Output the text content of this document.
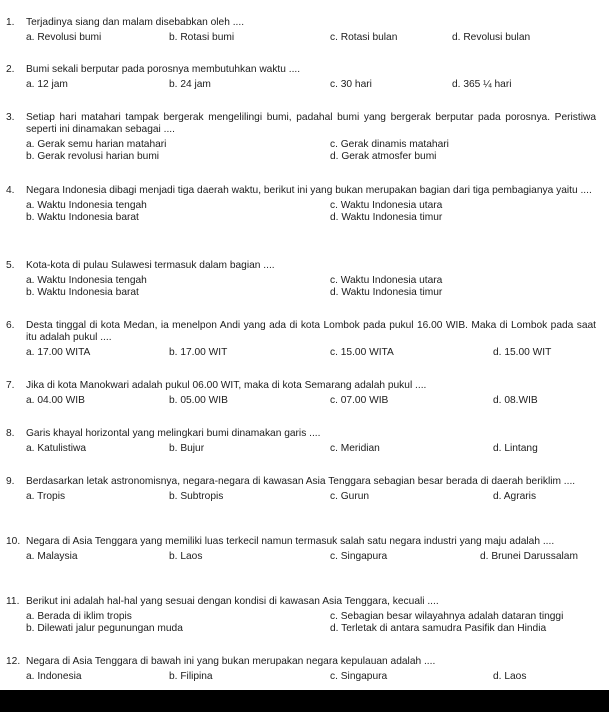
1.	Terjadinya siang dan malam disebabkan oleh ....
a. Revolusi bumi	b. Rotasi bumi	c. Rotasi bulan	d. Revolusi bulan
2.	Bumi sekali berputar pada porosnya membutuhkan waktu ....
a. 12 jam	b. 24 jam	c. 30 hari	d. 365 ¼ hari
3.	Setiap hari matahari tampak bergerak mengelilingi bumi, padahal bumi yang bergerak berputar pada porosnya. Peristiwa seperti ini dinamakan sebagai ....
a. Gerak semu harian matahari	c. Gerak dinamis matahari
b. Gerak revolusi harian bumi	d. Gerak atmosfer bumi
4.	Negara Indonesia dibagi menjadi tiga daerah waktu, berikut ini yang bukan merupakan bagian dari tiga pembagianya yaitu ....
a. Waktu Indonesia tengah	c. Waktu Indonesia utara
b. Waktu Indonesia barat	d. Waktu Indonesia timur
5.	Kota-kota di pulau Sulawesi termasuk dalam bagian ....
a. Waktu Indonesia tengah	c. Waktu Indonesia utara
b. Waktu Indonesia barat	d. Waktu Indonesia timur
6.	Desta tinggal di kota Medan, ia menelpon Andi yang ada di kota Lombok pada pukul 16.00 WIB. Maka di Lombok pada saat itu adalah pukul ....
a. 17.00 WITA	b. 17.00 WIT	c. 15.00 WITA	d. 15.00 WIT
7.	Jika di kota Manokwari adalah pukul 06.00 WIT, maka di kota Semarang adalah pukul ....
a. 04.00 WIB	b. 05.00 WIB	c. 07.00 WIB	d. 08.WIB
8.	Garis khayal horizontal yang melingkari bumi dinamakan garis ....
a. Katulistiwa	b. Bujur	c. Meridian	d. Lintang
9.	Berdasarkan letak astronomisnya, negara-negara di kawasan Asia Tenggara sebagian besar berada di daerah beriklim ....
a. Tropis	b. Subtropis	c. Gurun	d. Agraris
10. Negara di Asia Tenggara yang memiliki luas terkecil namun termasuk salah satu negara industri yang maju adalah ....
a. Malaysia	b. Laos	c. Singapura	d. Brunei Darussalam
11. Berikut ini adalah hal-hal yang sesuai dengan kondisi di kawasan Asia Tenggara, kecuali ....
a. Berada di iklim tropis	c. Sebagian besar wilayahnya adalah dataran tinggi
b. Dilewati jalur pegunungan muda	d. Terletak di antara samudra Pasifik dan Hindia
12. Negara di Asia Tenggara di bawah ini yang bukan merupakan negara kepulauan adalah ....
a. Indonesia	b. Filipina	c. Singapura	d. Laos
